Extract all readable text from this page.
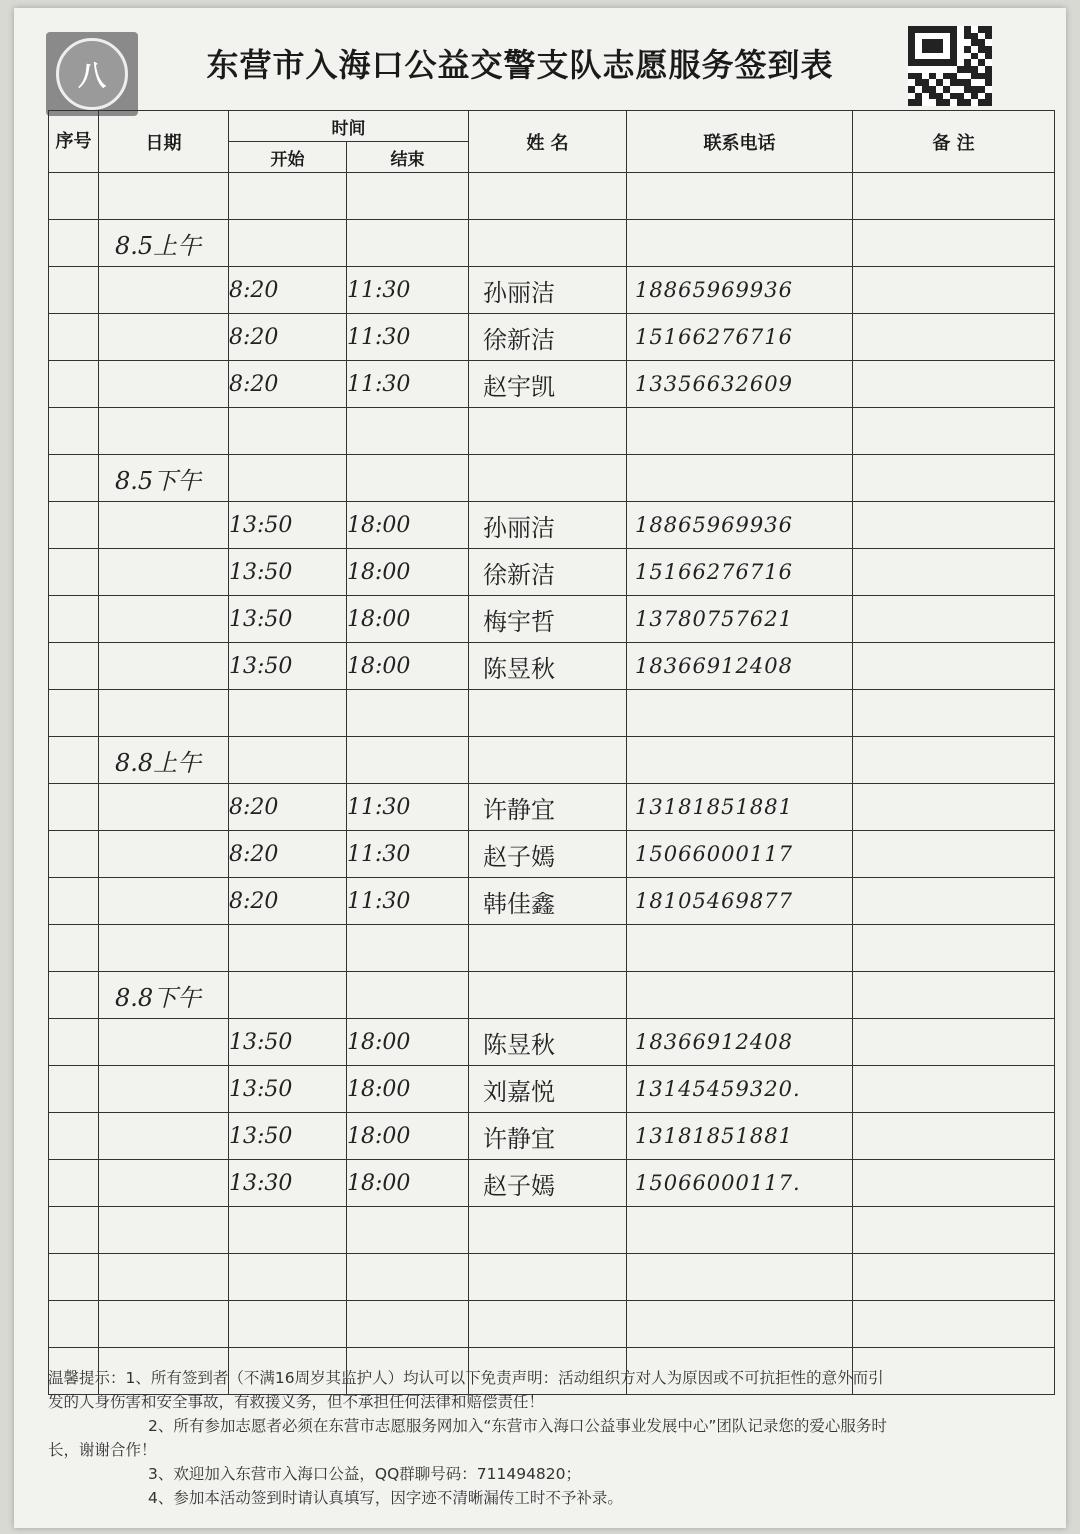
八	东营市入海口公益交警支队志愿服务签到表
序号	日期	时间		姓 名	联系电话	备 注
		开始	结束			

	8.5上午					
		8:20	11:30	孙丽洁	18865969936	
		8:20	11:30	徐新洁	15166276716	
		8:20	11:30	赵宇凯	13356632609	

	8.5下午					
		13:50	18:00	孙丽洁	18865969936	
		13:50	18:00	徐新洁	15166276716	
		13:50	18:00	梅宇哲	13780757621	
		13:50	18:00	陈昱秋	18366912408	

	8.8上午					
		8:20	11:30	许静宜	13181851881	
		8:20	11:30	赵子嫣	15066000117	
		8:20	11:30	韩佳鑫	18105469877	

	8.8下午					
		13:50	18:00	陈昱秋	18366912408	
		13:50	18:00	刘嘉悦	13145459320.	
		13:50	18:00	许静宜	13181851881	
		13:30	18:00	赵子嫣	15066000117.	

温馨提示：1、所有签到者（不满16周岁其监护人）均认可以下免责声明：活动组织方对人为原因或不可抗拒性的意外而引

发的人身伤害和安全事故，有救援义务，但不承担任何法律和赔偿责任！

2、所有参加志愿者必须在东营市志愿服务网加入“东营市入海口公益事业发展中心”团队记录您的爱心服务时

长，谢谢合作！

3、欢迎加入东营市入海口公益，QQ群聊号码：711494820；

4、参加本活动签到时请认真填写，因字迹不清晰漏传工时不予补录。
